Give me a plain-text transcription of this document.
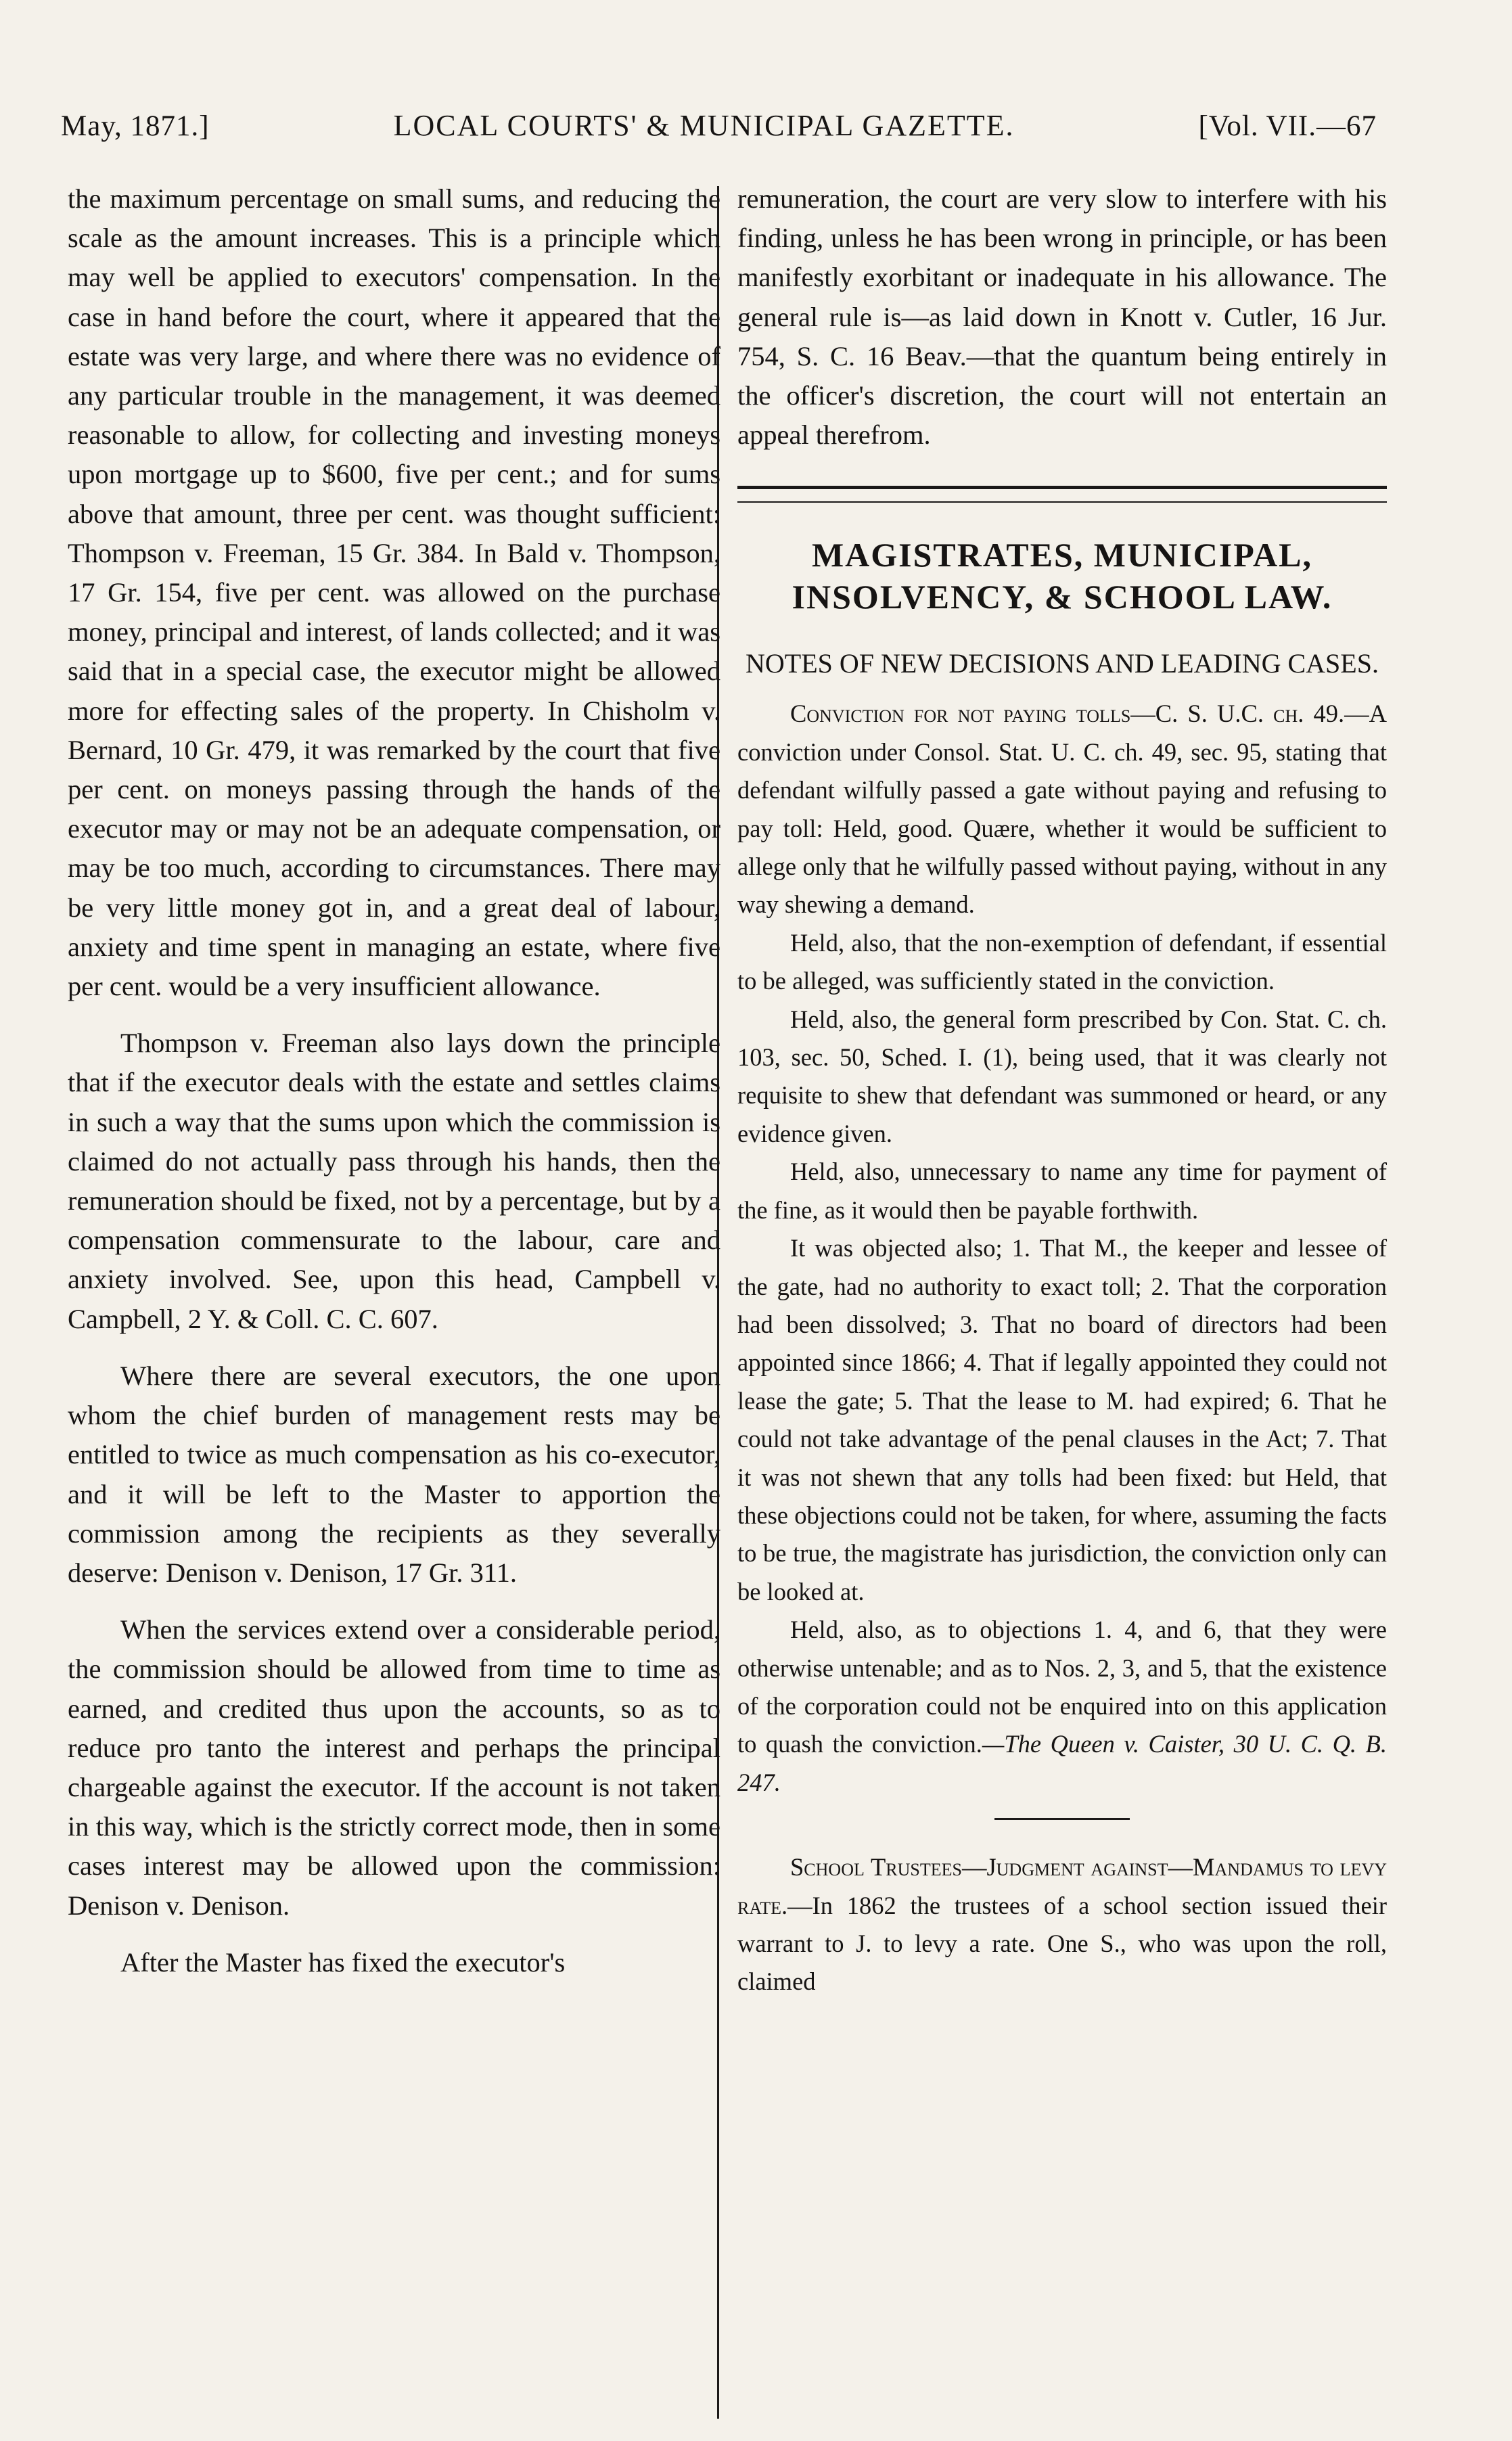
May, 1871.]	LOCAL COURTS' & MUNICIPAL GAZETTE.	[Vol. VII.—67

the maximum percentage on small sums, and reducing the scale as the amount increases. This is a principle which may well be applied to executors' compensation. In the case in hand before the court, where it appeared that the estate was very large, and where there was no evidence of any particular trouble in the management, it was deemed reasonable to allow, for collecting and investing moneys upon mortgage up to $600, five per cent.; and for sums above that amount, three per cent. was thought sufficient: Thompson v. Freeman, 15 Gr. 384. In Bald v. Thompson, 17 Gr. 154, five per cent. was allowed on the purchase money, principal and interest, of lands collected; and it was said that in a special case, the executor might be allowed more for effecting sales of the property. In Chisholm v. Bernard, 10 Gr. 479, it was remarked by the court that five per cent. on moneys passing through the hands of the executor may or may not be an adequate compensation, or may be too much, according to circumstances. There may be very little money got in, and a great deal of labour, anxiety and time spent in managing an estate, where five per cent. would be a very insufficient allowance.

Thompson v. Freeman also lays down the principle that if the executor deals with the estate and settles claims in such a way that the sums upon which the commission is claimed do not actually pass through his hands, then the remuneration should be fixed, not by a percentage, but by a compensation commensurate to the labour, care and anxiety involved. See, upon this head, Campbell v. Campbell, 2 Y. & Coll. C. C. 607.

Where there are several executors, the one upon whom the chief burden of management rests may be entitled to twice as much compensation as his co-executor, and it will be left to the Master to apportion the commission among the recipients as they severally deserve: Denison v. Denison, 17 Gr. 311.

When the services extend over a considerable period, the commission should be allowed from time to time as earned, and credited thus upon the accounts, so as to reduce pro tanto the interest and perhaps the principal chargeable against the executor. If the account is not taken in this way, which is the strictly correct mode, then in some cases interest may be allowed upon the commission: Denison v. Denison.

After the Master has fixed the executor's

remuneration, the court are very slow to interfere with his finding, unless he has been wrong in principle, or has been manifestly exorbitant or inadequate in his allowance. The general rule is—as laid down in Knott v. Cutler, 16 Jur. 754, S. C. 16 Beav.—that the quantum being entirely in the officer's discretion, the court will not entertain an appeal therefrom.

MAGISTRATES, MUNICIPAL, INSOLVENCY, & SCHOOL LAW.
NOTES OF NEW DECISIONS AND LEADING CASES.

Conviction for not paying tolls—C. S. U.C. ch. 49.—A conviction under Consol. Stat. U. C. ch. 49, sec. 95, stating that defendant wilfully passed a gate without paying and refusing to pay toll: Held, good. Quære, whether it would be sufficient to allege only that he wilfully passed without paying, without in any way shewing a demand.

Held, also, that the non-exemption of defendant, if essential to be alleged, was sufficiently stated in the conviction.

Held, also, the general form prescribed by Con. Stat. C. ch. 103, sec. 50, Sched. I. (1), being used, that it was clearly not requisite to shew that defendant was summoned or heard, or any evidence given.

Held, also, unnecessary to name any time for payment of the fine, as it would then be payable forthwith.

It was objected also; 1. That M., the keeper and lessee of the gate, had no authority to exact toll; 2. That the corporation had been dissolved; 3. That no board of directors had been appointed since 1866; 4. That if legally appointed they could not lease the gate; 5. That the lease to M. had expired; 6. That he could not take advantage of the penal clauses in the Act; 7. That it was not shewn that any tolls had been fixed: but Held, that these objections could not be taken, for where, assuming the facts to be true, the magistrate has jurisdiction, the conviction only can be looked at.

Held, also, as to objections 1. 4, and 6, that they were otherwise untenable; and as to Nos. 2, 3, and 5, that the existence of the corporation could not be enquired into on this application to quash the conviction.—The Queen v. Caister, 30 U. C. Q. B. 247.

School Trustees—Judgment against—Mandamus to levy rate.—In 1862 the trustees of a school section issued their warrant to J. to levy a rate. One S., who was upon the roll, claimed
